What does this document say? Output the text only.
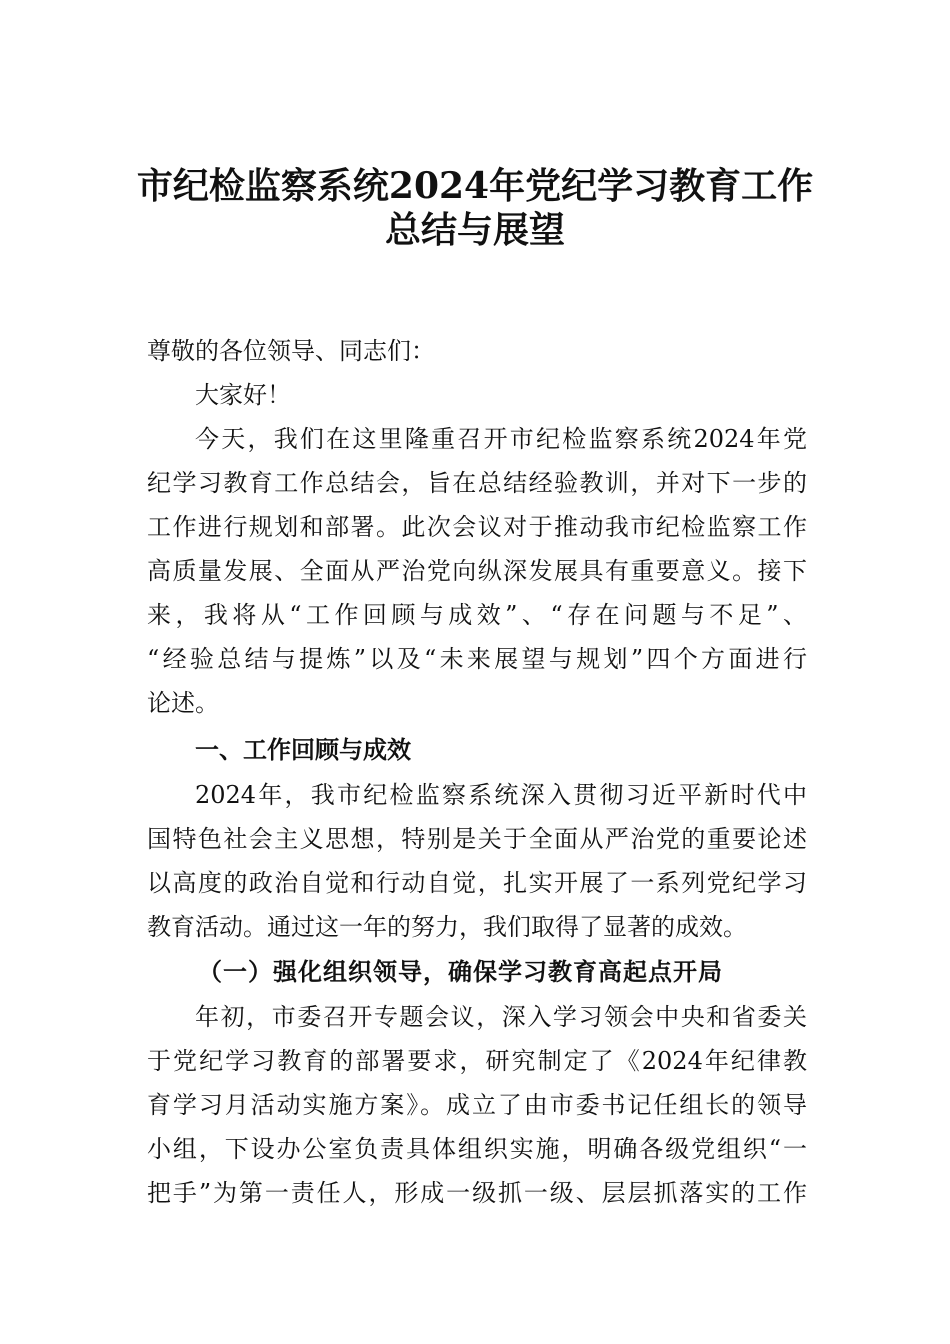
市纪检监察系统2024年党纪学习教育工作
总结与展望
尊敬的各位领导、同志们：
大家好！
今天，我们在这里隆重召开市纪检监察系统2024年党
纪学习教育工作总结会，旨在总结经验教训，并对下一步的
工作进行规划和部署。此次会议对于推动我市纪检监察工作
高质量发展、全面从严治党向纵深发展具有重要意义。接下
来，我将从“工作回顾与成效”、“存在问题与不足”、
“经验总结与提炼”以及“未来展望与规划”四个方面进行
论述。
一、工作回顾与成效
2024年，我市纪检监察系统深入贯彻习近平新时代中
国特色社会主义思想，特别是关于全面从严治党的重要论述
以高度的政治自觉和行动自觉，扎实开展了一系列党纪学习
教育活动。通过这一年的努力，我们取得了显著的成效。
（一）强化组织领导，确保学习教育高起点开局
年初，市委召开专题会议，深入学习领会中央和省委关
于党纪学习教育的部署要求，研究制定了《2024年纪律教
育学习月活动实施方案》。成立了由市委书记任组长的领导
小组，下设办公室负责具体组织实施，明确各级党组织“一
把手”为第一责任人，形成一级抓一级、层层抓落实的工作
